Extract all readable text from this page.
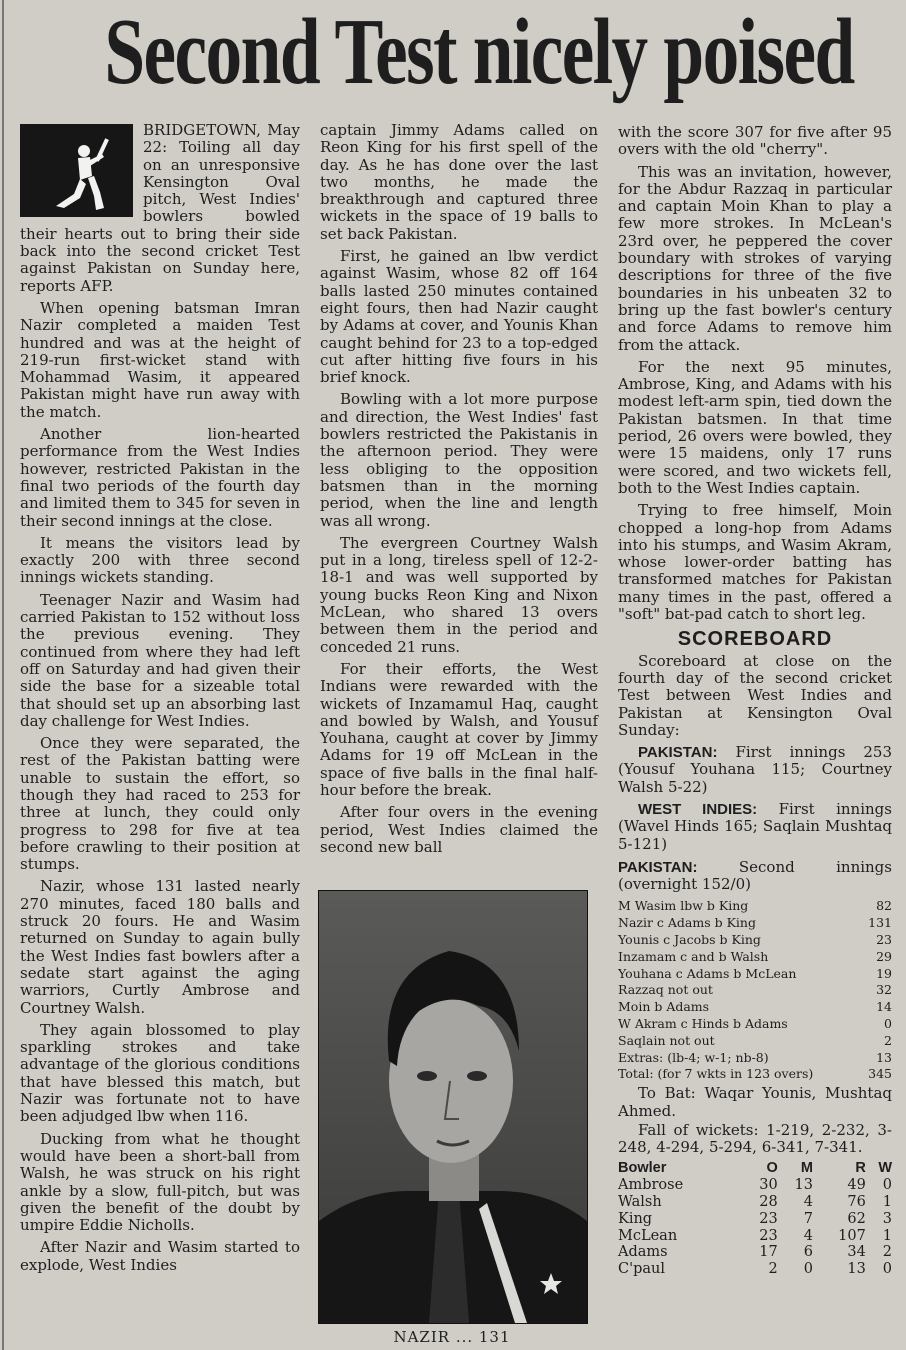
Second Test nicely poised

BRIDGETOWN, May 22: Toiling all day on an unresponsive Kensington Oval pitch, West Indies' bowlers bowled their hearts out to bring their side back into the second cricket Test against Pakistan on Sunday here, reports AFP.

When opening batsman Imran Nazir completed a maiden Test hundred and was at the height of 219-run first-wicket stand with Mohammad Wasim, it appeared Pakistan might have run away with the match.

Another lion-hearted performance from the West Indies however, restricted Pakistan in the final two periods of the fourth day and limited them to 345 for seven in their second innings at the close.

It means the visitors lead by exactly 200 with three second innings wickets standing.

Teenager Nazir and Wasim had carried Pakistan to 152 without loss the previous evening. They continued from where they had left off on Saturday and had given their side the base for a sizeable total that should set up an absorbing last day challenge for West Indies.

Once they were separated, the rest of the Pakistan batting were unable to sustain the effort, so though they had raced to 253 for three at lunch, they could only progress to 298 for five at tea before crawling to their position at stumps.

Nazir, whose 131 lasted nearly 270 minutes, faced 180 balls and struck 20 fours. He and Wasim returned on Sunday to again bully the West Indies fast bowlers after a sedate start against the aging warriors, Curtly Ambrose and Courtney Walsh.

They again blossomed to play sparkling strokes and take advantage of the glorious conditions that have blessed this match, but Nazir was fortunate not to have been adjudged lbw when 116.

Ducking from what he thought would have been a short-ball from Walsh, he was struck on his right ankle by a slow, full-pitch, but was given the benefit of the doubt by umpire Eddie Nicholls.

After Nazir and Wasim started to explode, West Indies

captain Jimmy Adams called on Reon King for his first spell of the day. As he has done over the last two months, he made the breakthrough and captured three wickets in the space of 19 balls to set back Pakistan.

First, he gained an lbw verdict against Wasim, whose 82 off 164 balls lasted 250 minutes contained eight fours, then had Nazir caught by Adams at cover, and Younis Khan caught behind for 23 to a top-edged cut after hitting five fours in his brief knock.

Bowling with a lot more purpose and direction, the West Indies' fast bowlers restricted the Pakistanis in the afternoon period. They were less obliging to the opposition batsmen than in the morning period, when the line and length was all wrong.

The evergreen Courtney Walsh put in a long, tireless spell of 12-2-18-1 and was well supported by young bucks Reon King and Nixon McLean, who shared 13 overs between them in the period and conceded 21 runs.

For their efforts, the West Indians were rewarded with the wickets of Inzamamul Haq, caught and bowled by Walsh, and Yousuf Youhana, caught at cover by Jimmy Adams for 19 off McLean in the space of five balls in the final half-hour before the break.

After four overs in the evening period, West Indies claimed the second new ball

NAZIR ... 131

with the score 307 for five after 95 overs with the old "cherry".

This was an invitation, however, for the Abdur Razzaq in particular and captain Moin Khan to play a few more strokes. In McLean's 23rd over, he peppered the cover boundary with strokes of varying descriptions for three of the five boundaries in his unbeaten 32 to bring up the fast bowler's century and force Adams to remove him from the attack.

For the next 95 minutes, Ambrose, King, and Adams with his modest left-arm spin, tied down the Pakistan batsmen. In that time period, 26 overs were bowled, they were 15 maidens, only 17 runs were scored, and two wickets fell, both to the West Indies captain.

Trying to free himself, Moin chopped a long-hop from Adams into his stumps, and Wasim Akram, whose lower-order batting has transformed matches for Pakistan many times in the past, offered a "soft" bat-pad catch to short leg.

SCOREBOARD

Scoreboard at close on the fourth day of the second cricket Test between West Indies and Pakistan at Kensington Oval Sunday:

PAKISTAN: First innings 253 (Yousuf Youhana 115; Courtney Walsh 5-22)

WEST INDIES: First innings (Wavel Hinds 165; Saqlain Mushtaq 5-121)

PAKISTAN:	Second innings (overnight 152/0)

M Wasim lbw b King	82
Nazir c Adams b King	131
Younis c Jacobs b King	23
Inzamam c and b Walsh	29
Youhana c Adams b McLean	19
Razzaq not out	32
Moin b Adams	14
W Akram c Hinds b Adams	0
Saqlain not out	2
Extras: (lb-4; w-1; nb-8)	13
Total: (for 7 wkts in 123 overs)	345

To Bat: Waqar Younis, Mushtaq Ahmed.

Fall of wickets: 1-219, 2-232, 3-248, 4-294, 5-294, 6-341, 7-341.

Bowler	O	M	R	W
Ambrose	30	13	49	0
Walsh	28	4	76	1
King	23	7	62	3
McLean	23	4	107	1
Adams	17	6	34	2
C'paul	2	0	13	0
